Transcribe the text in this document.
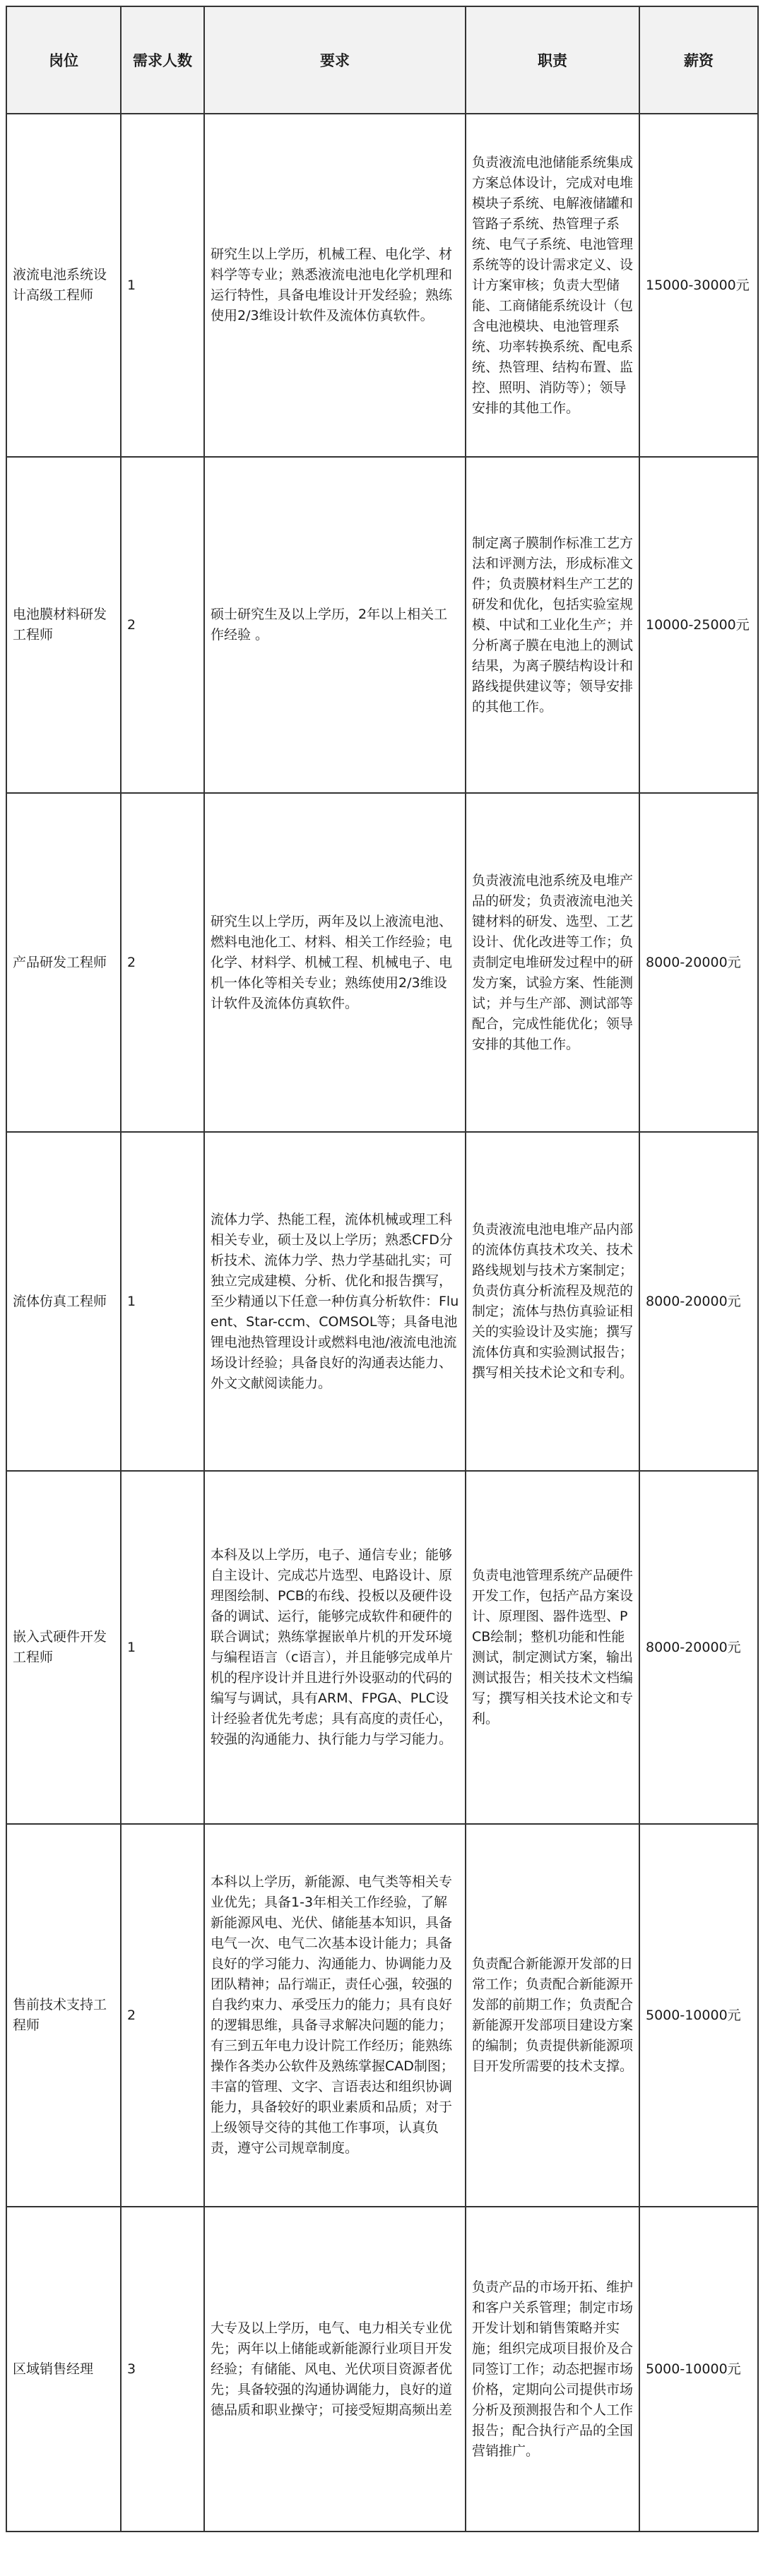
岗位	需求人数	要求	职责	薪资
液流电池系统设计高级工程师	1	研究生以上学历，机械工程、电化学、材料学等专业；熟悉液流电池电化学机理和运行特性，具备电堆设计开发经验；熟练使用2/3维设计软件及流体仿真软件。	负责液流电池储能系统集成方案总体设计，完成对电堆模块子系统、电解液储罐和管路子系统、热管理子系统、电气子系统、电池管理系统等的设计需求定义、设计方案审核；负责大型储能、工商储能系统设计（包含电池模块、电池管理系统、功率转换系统、配电系统、热管理、结构布置、监控、照明、消防等）；领导安排的其他工作。	15000-30000元
电池膜材料研发工程师	2	硕士研究生及以上学历，2年以上相关工作经验 。	制定离子膜制作标准工艺方法和评测方法，形成标准文件；负责膜材料生产工艺的研发和优化，包括实验室规模、中试和工业化生产；并分析离子膜在电池上的测试结果，为离子膜结构设计和路线提供建议等；领导安排的其他工作。	10000-25000元
产品研发工程师	2	研究生以上学历，两年及以上液流电池、燃料电池化工、材料、相关工作经验；电化学、材料学、机械工程、机械电子、电机一体化等相关专业；熟练使用2/3维设计软件及流体仿真软件。	负责液流电池系统及电堆产品的研发；负责液流电池关键材料的研发、选型、工艺设计、优化改进等工作；负责制定电堆研发过程中的研发方案，试验方案、性能测试；并与生产部、测试部等配合，完成性能优化；领导安排的其他工作。	8000-20000元
流体仿真工程师	1	流体力学、热能工程，流体机械或理工科相关专业，硕士及以上学历；熟悉CFD分析技术、流体力学、热力学基础扎实；可独立完成建模、分析、优化和报告撰写，至少精通以下任意一种仿真分析软件：Fluent、Star-ccm、COMSOL等；具备电池锂电池热管理设计或燃料电池/液流电池流场设计经验；具备良好的沟通表达能力、外文文献阅读能力。	负责液流电池电堆产品内部的流体仿真技术攻关、技术路线规划与技术方案制定；负责仿真分析流程及规范的制定；流体与热仿真验证相关的实验设计及实施；撰写流体仿真和实验测试报告；撰写相关技术论文和专利。	8000-20000元
嵌入式硬件开发工程师	1	本科及以上学历，电子、通信专业；能够自主设计、完成芯片选型、电路设计、原理图绘制、PCB的布线、投板以及硬件设备的调试、运行，能够完成软件和硬件的联合调试；熟练掌握嵌单片机的开发环境与编程语言（c语言），并且能够完成单片机的程序设计并且进行外设驱动的代码的编写与调试，具有ARM、FPGA、PLC设计经验者优先考虑；具有高度的责任心，较强的沟通能力、执行能力与学习能力。	负责电池管理系统产品硬件开发工作，包括产品方案设计、原理图、器件选型、PCB绘制；整机功能和性能测试，制定测试方案，输出测试报告；相关技术文档编写；撰写相关技术论文和专利。	8000-20000元
售前技术支持工程师	2	本科以上学历，新能源、电气类等相关专业优先；具备1-3年相关工作经验，了解新能源风电、光伏、储能基本知识，具备电气一次、电气二次基本设计能力；具备良好的学习能力、沟通能力、协调能力及团队精神；品行端正，责任心强，较强的自我约束力、承受压力的能力；具有良好的逻辑思维，具备寻求解决问题的能力；有三到五年电力设计院工作经历；能熟练操作各类办公软件及熟练掌握CAD制图；丰富的管理、文字、言语表达和组织协调能力，具备较好的职业素质和品质；对于上级领导交待的其他工作事项，认真负责，遵守公司规章制度。	负责配合新能源开发部的日常工作；负责配合新能源开发部的前期工作；负责配合新能源开发部项目建设方案的编制；负责提供新能源项目开发所需要的技术支撑。	5000-10000元
区域销售经理	3	大专及以上学历，电气、电力相关专业优先；两年以上储能或新能源行业项目开发经验；有储能、风电、光伏项目资源者优先；具备较强的沟通协调能力，良好的道德品质和职业操守；可接受短期高频出差	负责产品的市场开拓、维护和客户关系管理；制定市场开发计划和销售策略并实施；组织完成项目报价及合同签订工作；动态把握市场价格，定期向公司提供市场分析及预测报告和个人工作报告；配合执行产品的全国营销推广。	5000-10000元
